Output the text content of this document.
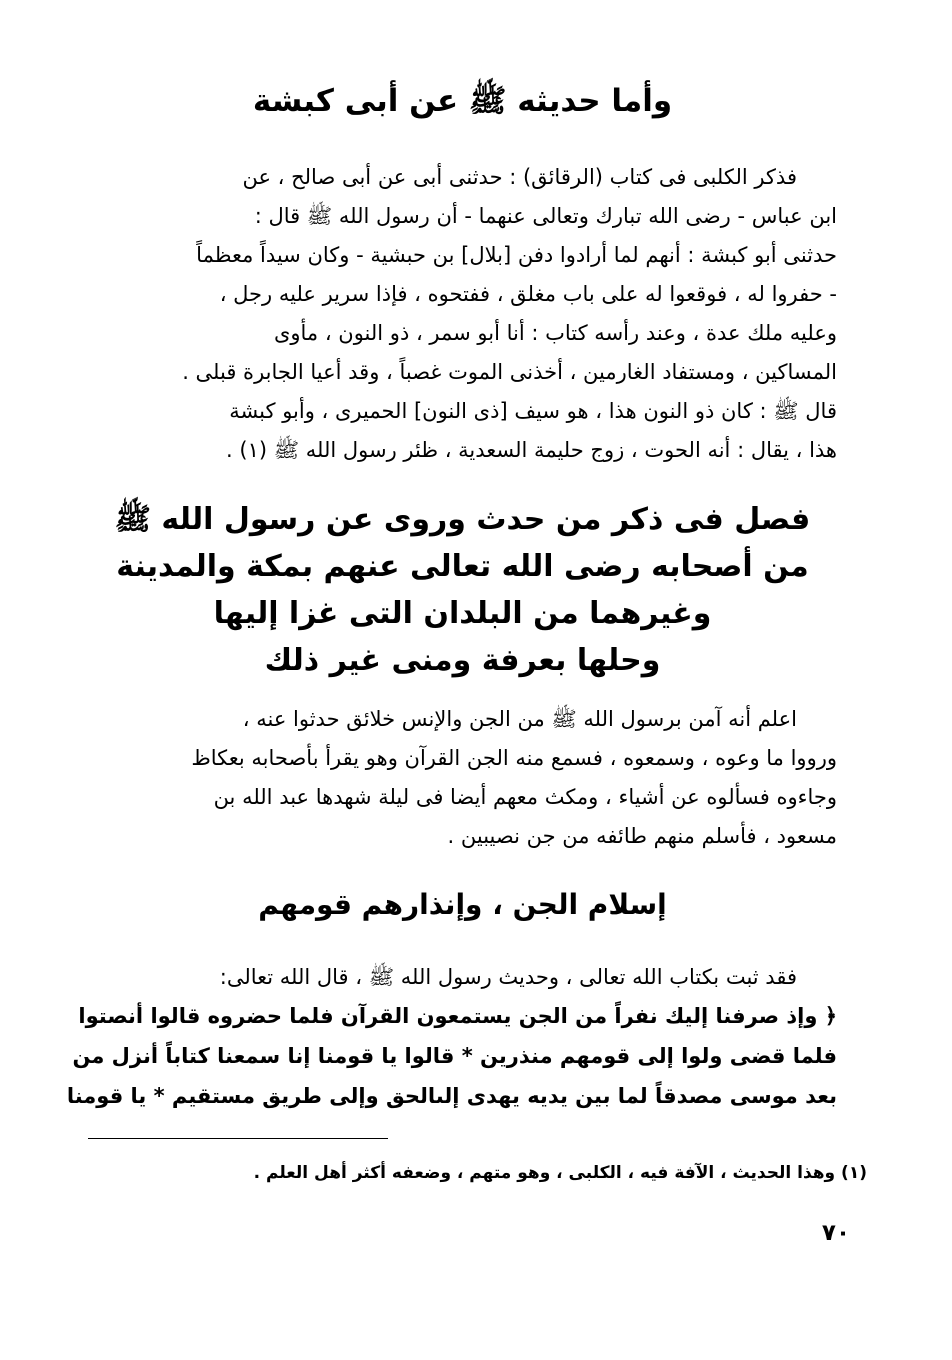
وأما حديثه ﷺ عن أبى كبشة
فذكر الكلبى فى كتاب (الرقائق) : حدثنى أبى عن أبى صالح ، عن
ابن عباس - رضى الله تبارك وتعالى عنهما - أن رسول الله ﷺ قال :
حدثنى أبو كبشة : أنهم لما أرادوا دفن [بلال] بن حبشية - وكان سيداً معظماً
- حفروا له ، فوقعوا له على باب مغلق ، ففتحوه ، فإذا سرير عليه رجل ،
وعليه ملك عدة ، وعند رأسه كتاب : أنا أبو سمر ، ذو النون ، مأوى
المساكين ، ومستفاد الغارمين ، أخذنى الموت غصباً ، وقد أعيا الجابرة قبلى .
قال ﷺ : كان ذو النون هذا ، هو سيف [ذى النون] الحميرى ، وأبو كبشة
هذا ، يقال : أنه الحوت ، زوج حليمة السعدية ، ظئر رسول الله ﷺ (١) .
فصل فى ذكر من حدث وروى عن رسول الله ﷺ
من أصحابه رضى الله تعالى عنهم بمكة والمدينة
وغيرهما من البلدان التى غزا إليها
وحلها بعرفة ومنى غير ذلك
اعلم أنه آمن برسول الله ﷺ من الجن والإنس خلائق حدثوا عنه ،
ورووا ما وعوه ، وسمعوه ، فسمع منه الجن القرآن وهو يقرأ بأصحابه بعكاظ
وجاءوه فسألوه عن أشياء ، ومكث معهم أيضا فى ليلة شهدها عبد الله بن
مسعود ، فأسلم منهم طائفه من جن نصيبين .
إسلام الجن ، وإنذارهم قومهم
فقد ثبت بكتاب الله تعالى ، وحديث رسول الله ﷺ ، قال الله تعالى:
﴿ وإذ صرفنا إليك نفراً من الجن يستمعون القرآن فلما حضروه قالوا أنصتوا
فلما قضى ولوا إلى قومهم منذرين * قالوا يا قومنا إنا سمعنا كتاباً أنزل من
بعد موسى مصدقاً لما بين يديه يهدى إلىالحق وإلى طريق مستقيم * يا قومنا
(١) وهذا الحديث ، الآفة فيه ، الكلبى ، وهو متهم ، وضعفه أكثر أهل العلم .
٧٠
